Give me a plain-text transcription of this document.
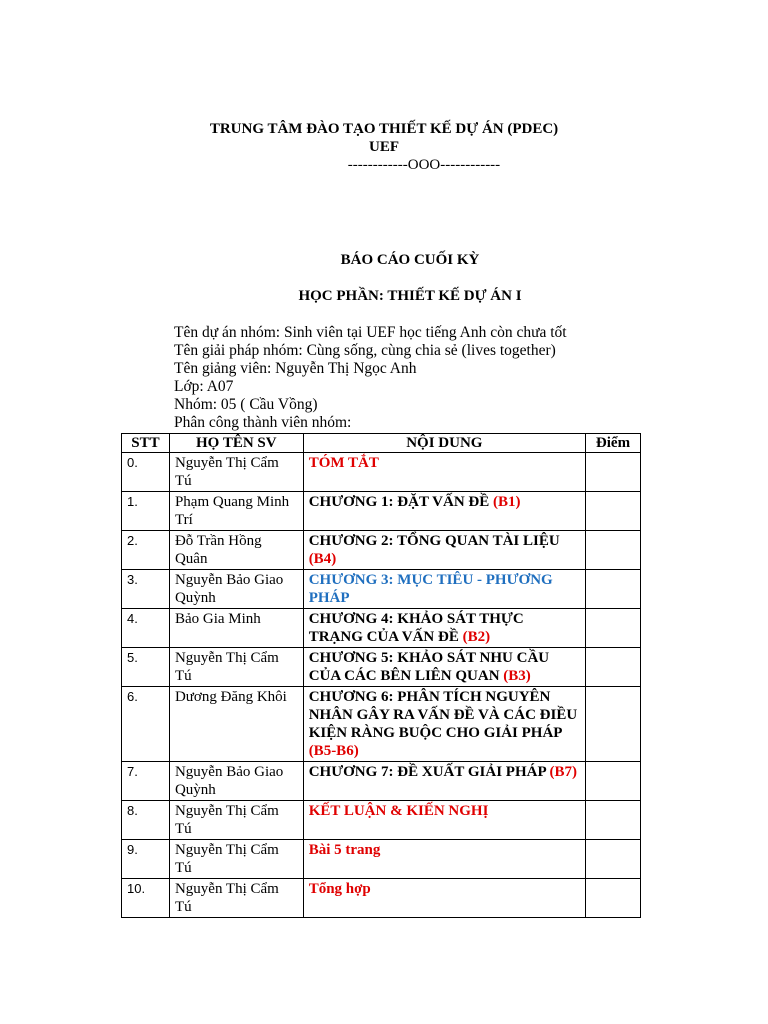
TRUNG TÂM ĐÀO TẠO THIẾT KẾ DỰ ÁN (PDEC)
UEF
------------OOO------------
BÁO CÁO CUỐI KỲ
HỌC PHẦN: THIẾT KẾ DỰ ÁN I
Tên dự án nhóm: Sinh viên tại UEF học tiếng Anh còn chưa tốt
Tên giải pháp nhóm: Cùng sống, cùng chia sẻ (lives together)
Tên giảng viên: Nguyễn Thị Ngọc Anh
Lớp: A07
Nhóm: 05 ( Cầu Vồng)
Phân công thành viên nhóm:
STT	HỌ TÊN SV	NỘI DUNG	Điểm
0.	Nguyễn Thị Cẩm Tú	TÓM TẮT	
1.	Phạm Quang Minh Trí	CHƯƠNG 1: ĐẶT VẤN ĐỀ (B1)	
2.	Đỗ Trần Hồng Quân	CHƯƠNG 2: TỔNG QUAN TÀI LIỆU (B4)	
3.	Nguyễn Bảo Giao Quỳnh	CHƯƠNG 3: MỤC TIÊU - PHƯƠNG PHÁP	
4.	Bảo Gia Minh	CHƯƠNG 4: KHẢO SÁT THỰC TRẠNG CỦA VẤN ĐỀ (B2)	
5.	Nguyễn Thị Cẩm Tú	CHƯƠNG 5: KHẢO SÁT NHU CẦU CỦA CÁC BÊN LIÊN QUAN (B3)	
6.	Dương Đăng Khôi	CHƯƠNG 6: PHÂN TÍCH NGUYÊN NHÂN GÂY RA VẤN ĐỀ VÀ CÁC ĐIỀU KIỆN RÀNG BUỘC CHO GIẢI PHÁP (B5-B6)	
7.	Nguyễn Bảo Giao Quỳnh	CHƯƠNG 7: ĐỀ XUẤT GIẢI PHÁP (B7)	
8.	Nguyễn Thị Cẩm Tú	KẾT LUẬN & KIẾN NGHỊ	
9.	Nguyễn Thị Cẩm Tú	Bài 5 trang	
10.	Nguyễn Thị Cẩm Tú	Tổng hợp	
